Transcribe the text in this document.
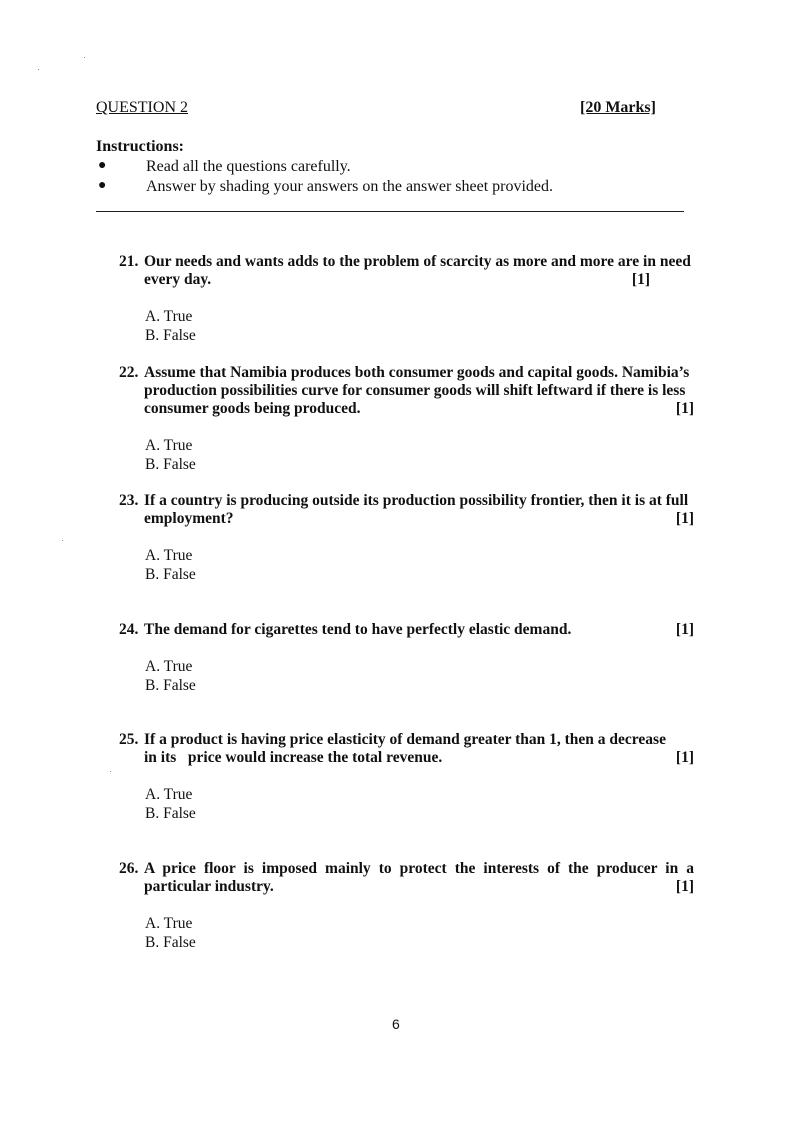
QUESTION 2	[20 Marks]
Instructions:
●	Read all the questions carefully.
●	Answer by shading your answers on the answer sheet provided.
21. Our needs and wants adds to the problem of scarcity as more and more are in need
every day.	[1]
A. True
B. False
22. Assume that Namibia produces both consumer goods and capital goods. Namibia’s
production possibilities curve for consumer goods will shift leftward if there is less
consumer goods being produced.	[1]
A. True
B. False
23. If a country is producing outside its production possibility frontier, then it is at full
employment?	[1]
A. True
B. False
24. The demand for cigarettes tend to have perfectly elastic demand.	[1]
A. True
B. False
25. If a product is having price elasticity of demand greater than 1, then a decrease
in its   price would increase the total revenue.	[1]
A. True
B. False
26. A price floor is imposed mainly to protect the interests of the producer in a
particular industry.	[1]
A. True
B. False
6
